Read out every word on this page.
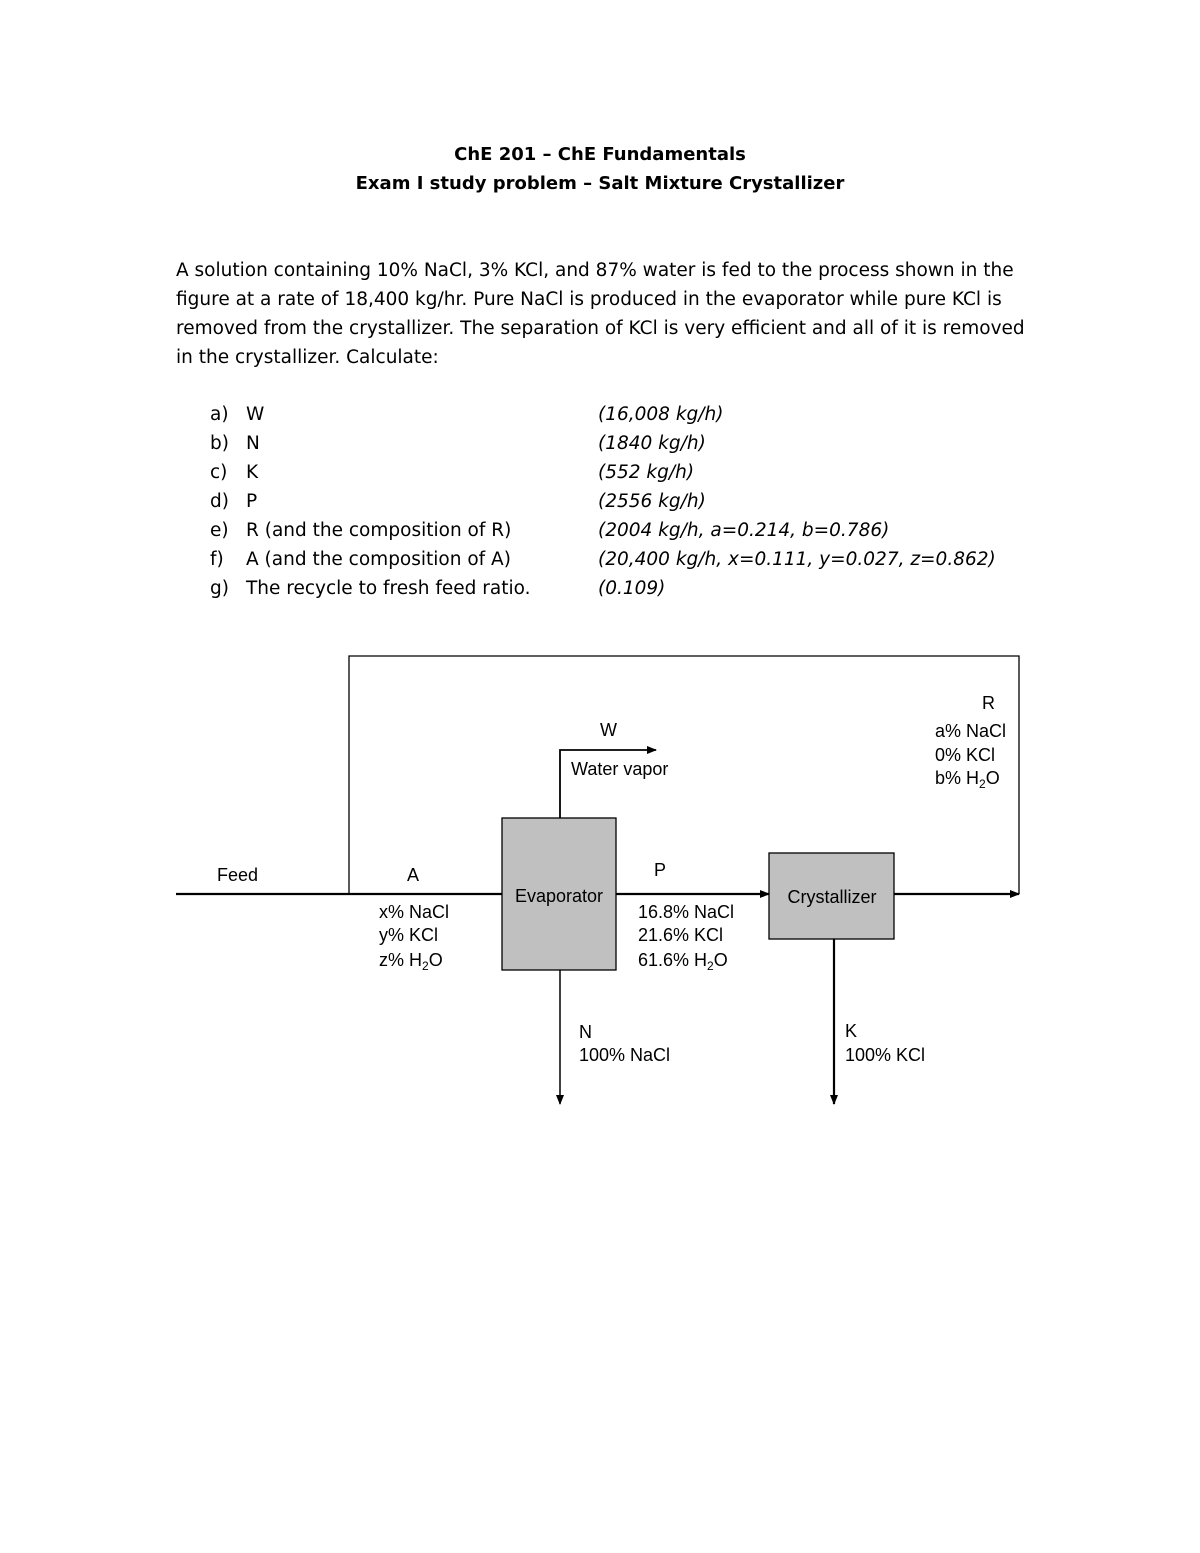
ChE 201 – ChE Fundamentals
Exam I study problem – Salt Mixture Crystallizer
A solution containing 10% NaCl, 3% KCl, and 87% water is fed to the process shown in the figure at a rate of 18,400 kg/hr. Pure NaCl is produced in the evaporator while pure KCl is removed from the crystallizer. The separation of KCl is very efficient and all of it is removed in the crystallizer. Calculate:
a) W	(16,008 kg/h)
b) N	(1840 kg/h)
c) K	(552 kg/h)
d) P	(2556 kg/h)
e) R (and the composition of R)	(2004 kg/h, a=0.214, b=0.786)
f) A (and the composition of A)	(20,400 kg/h, x=0.111, y=0.027, z=0.862)
g) The recycle to fresh feed ratio.	(0.109)
Feed	A
x% NaCl
y% KCl
z% $H_2O$
Evaporator	Crystallizer
W
Water vapor
P
16.8% NaCl
21.6% KCl
61.6% $H_2O$
N
100% NaCl
K
100% KCl
R
a% NaCl
0% KCl
b% $H_2O$
